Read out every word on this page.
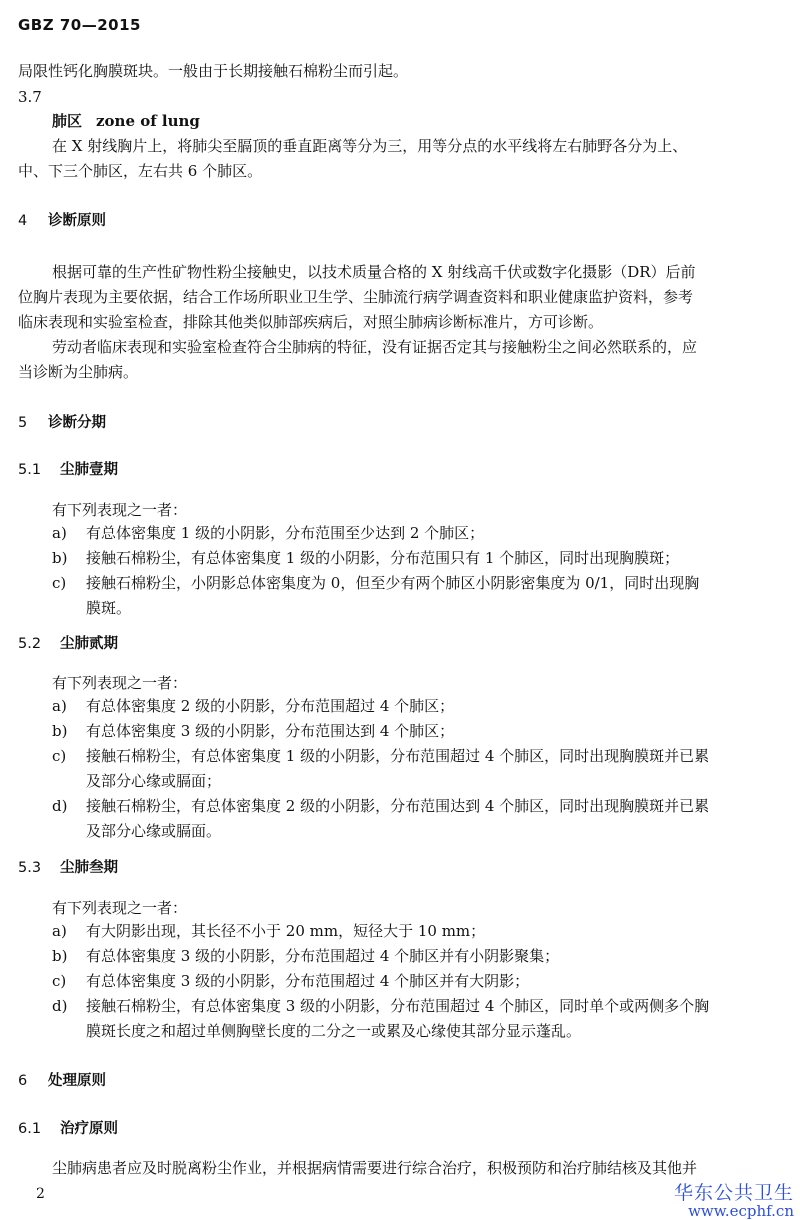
GBZ 70—2015
局限性钙化胸膜斑块。一般由于长期接触石棉粉尘而引起。
3.7
肺区 zone of lung
在 X 射线胸片上，将肺尖至膈顶的垂直距离等分为三，用等分点的水平线将左右肺野各分为上、
中、下三个肺区，左右共 6 个肺区。
4 诊断原则
根据可靠的生产性矿物性粉尘接触史，以技术质量合格的 X 射线高千伏或数字化摄影（DR）后前
位胸片表现为主要依据，结合工作场所职业卫生学、尘肺流行病学调查资料和职业健康监护资料，参考
临床表现和实验室检查，排除其他类似肺部疾病后，对照尘肺病诊断标准片，方可诊断。
劳动者临床表现和实验室检查符合尘肺病的特征，没有证据否定其与接触粉尘之间必然联系的，应
当诊断为尘肺病。
5 诊断分期
5.1 尘肺壹期
有下列表现之一者：
a) 有总体密集度 1 级的小阴影，分布范围至少达到 2 个肺区；
b) 接触石棉粉尘，有总体密集度 1 级的小阴影，分布范围只有 1 个肺区，同时出现胸膜斑；
c) 接触石棉粉尘，小阴影总体密集度为 0，但至少有两个肺区小阴影密集度为 0/1，同时出现胸
膜斑。
5.2 尘肺贰期
有下列表现之一者：
a) 有总体密集度 2 级的小阴影，分布范围超过 4 个肺区；
b) 有总体密集度 3 级的小阴影，分布范围达到 4 个肺区；
c) 接触石棉粉尘，有总体密集度 1 级的小阴影，分布范围超过 4 个肺区，同时出现胸膜斑并已累
及部分心缘或膈面；
d) 接触石棉粉尘，有总体密集度 2 级的小阴影，分布范围达到 4 个肺区，同时出现胸膜斑并已累
及部分心缘或膈面。
5.3 尘肺叁期
有下列表现之一者：
a) 有大阴影出现，其长径不小于 20 mm，短径大于 10 mm；
b) 有总体密集度 3 级的小阴影，分布范围超过 4 个肺区并有小阴影聚集；
c) 有总体密集度 3 级的小阴影，分布范围超过 4 个肺区并有大阴影；
d) 接触石棉粉尘，有总体密集度 3 级的小阴影，分布范围超过 4 个肺区，同时单个或两侧多个胸
膜斑长度之和超过单侧胸壁长度的二分之一或累及心缘使其部分显示蓬乱。
6 处理原则
6.1 治疗原则
尘肺病患者应及时脱离粉尘作业，并根据病情需要进行综合治疗，积极预防和治疗肺结核及其他并
2	华东公共卫生
www.ecphf.cn
